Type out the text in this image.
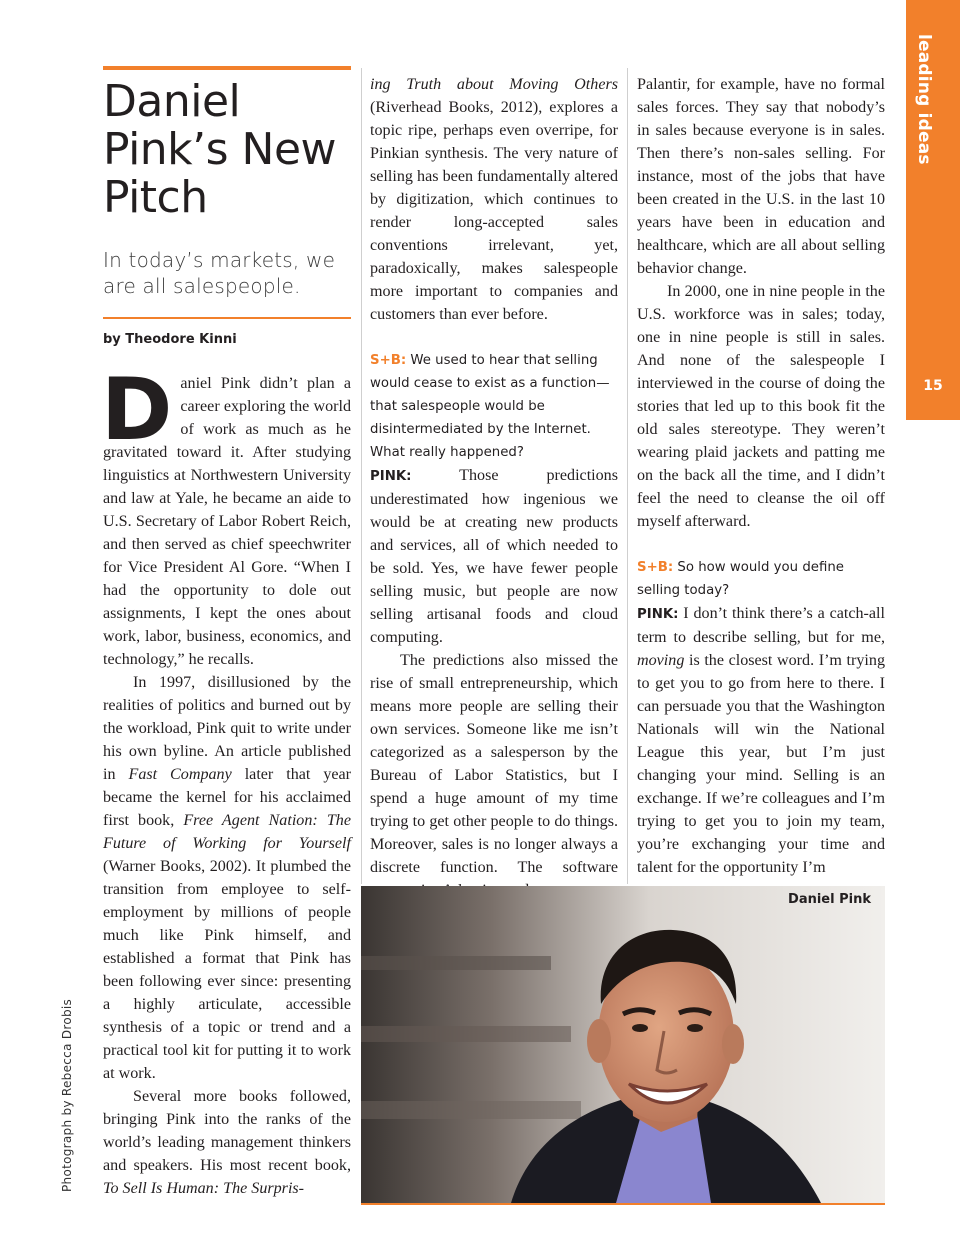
leading ideas
15
Photograph by Rebecca Drobis
Daniel Pink’s New Pitch

In today’s markets, we are all salespeople.

by Theodore Kinni

Daniel Pink didn’t plan a career exploring the world of work as much as he gravitated toward it. After studying linguistics at Northwestern University and law at Yale, he became an aide to U.S. Secretary of Labor Robert Reich, and then served as chief speechwriter for Vice President Al Gore. “When I had the opportunity to dole out assignments, I kept the ones about work, labor, business, economics, and technology,” he recalls.

In 1997, disillusioned by the realities of politics and burned out by the workload, Pink quit to write under his own byline. An article published in Fast Company later that year became the kernel for his acclaimed first book, Free Agent Nation: The Future of Working for Yourself (Warner Books, 2002). It plumbed the transition from employee to self-employment by millions of people much like Pink himself, and established a format that Pink has been following ever since: presenting a highly articulate, accessible synthesis of a topic or trend and a practical tool kit for putting it to work at work.

Several more books followed, bringing Pink into the ranks of the world’s leading management thinkers and speakers. His most recent book, To Sell Is Human: The Surpris-

ing Truth about Moving Others (Riverhead Books, 2012), explores a topic ripe, perhaps even overripe, for Pinkian synthesis. The very nature of selling has been fundamentally altered by digitization, which continues to render long-accepted sales conventions irrelevant, yet, paradoxically, makes salespeople more important to companies and customers than ever before.

S+B: We used to hear that selling would cease to exist as a function—that salespeople would be disintermediated by the Internet. What really happened?

PINK: Those predictions underestimated how ingenious we would be at creating new products and services, all of which needed to be sold. Yes, we have fewer people selling music, but people are now selling artisanal foods and cloud computing.

The predictions also missed the rise of small entrepreneurship, which means more people are selling their own services. Someone like me isn’t categorized as a salesperson by the Bureau of Labor Statistics, but I spend a huge amount of my time trying to get other people to do things. Moreover, sales is no longer always a discrete function. The software

Palantir, for example, have no formal sales forces. They say that nobody’s in sales because everyone is in sales. Then there’s non-sales selling. For instance, most of the jobs that have been created in the U.S. in the last 10 years have been in education and healthcare, which are all about selling behavior change.

In 2000, one in nine people in the U.S. workforce was in sales; today, one in nine people is still in sales. And none of the salespeople I interviewed in the course of doing the stories that led up to this book fit the old sales stereotype. They weren’t wearing plaid jackets and patting me on the back all the time, and I didn’t feel the need to cleanse the oil off myself afterward.

S+B: So how would you define selling today?

PINK: I don’t think there’s a catch-all term to describe selling, but for me, moving is the closest word. I’m trying to get you to go from here to there. I can persuade you that the Washington Nationals will win the National League this year, but I’m just changing your mind. Selling is an exchange. If we’re colleagues and I’m trying to get you to join my team, you’re exchanging your time and talent for the opportunity I’m

Daniel Pink
